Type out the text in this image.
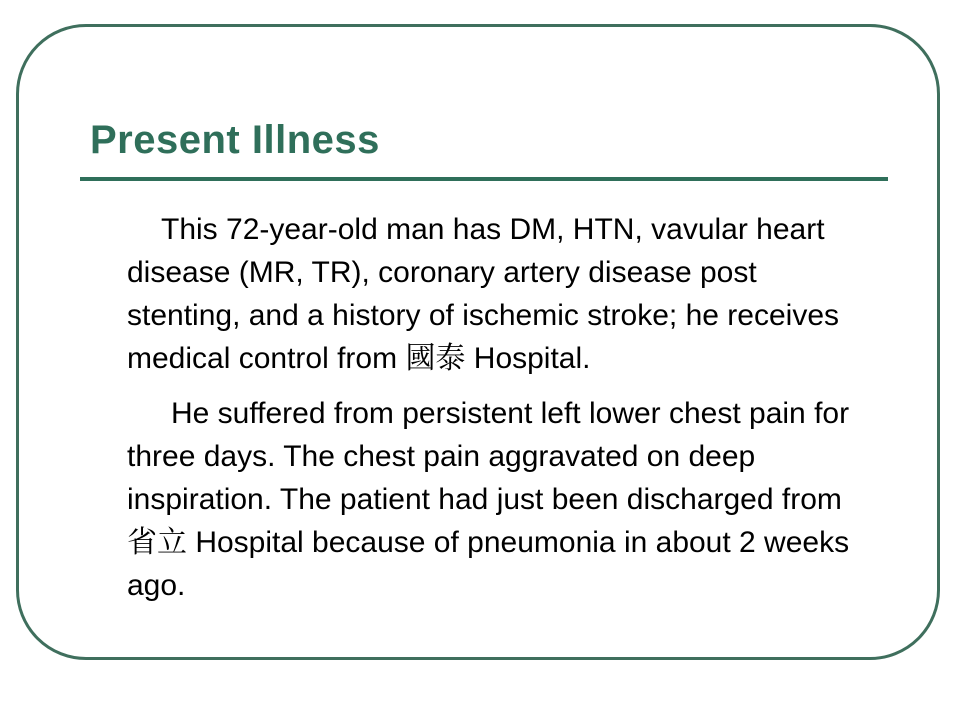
Present Illness

This 72-year-old man has DM, HTN, vavular heart disease (MR, TR), coronary artery disease post stenting, and a history of ischemic stroke; he receives medical control from 國泰 Hospital.

He suffered from persistent left lower chest pain for three days. The chest pain aggravated on deep inspiration. The patient had just been discharged from 省立 Hospital because of pneumonia in about 2 weeks ago.
